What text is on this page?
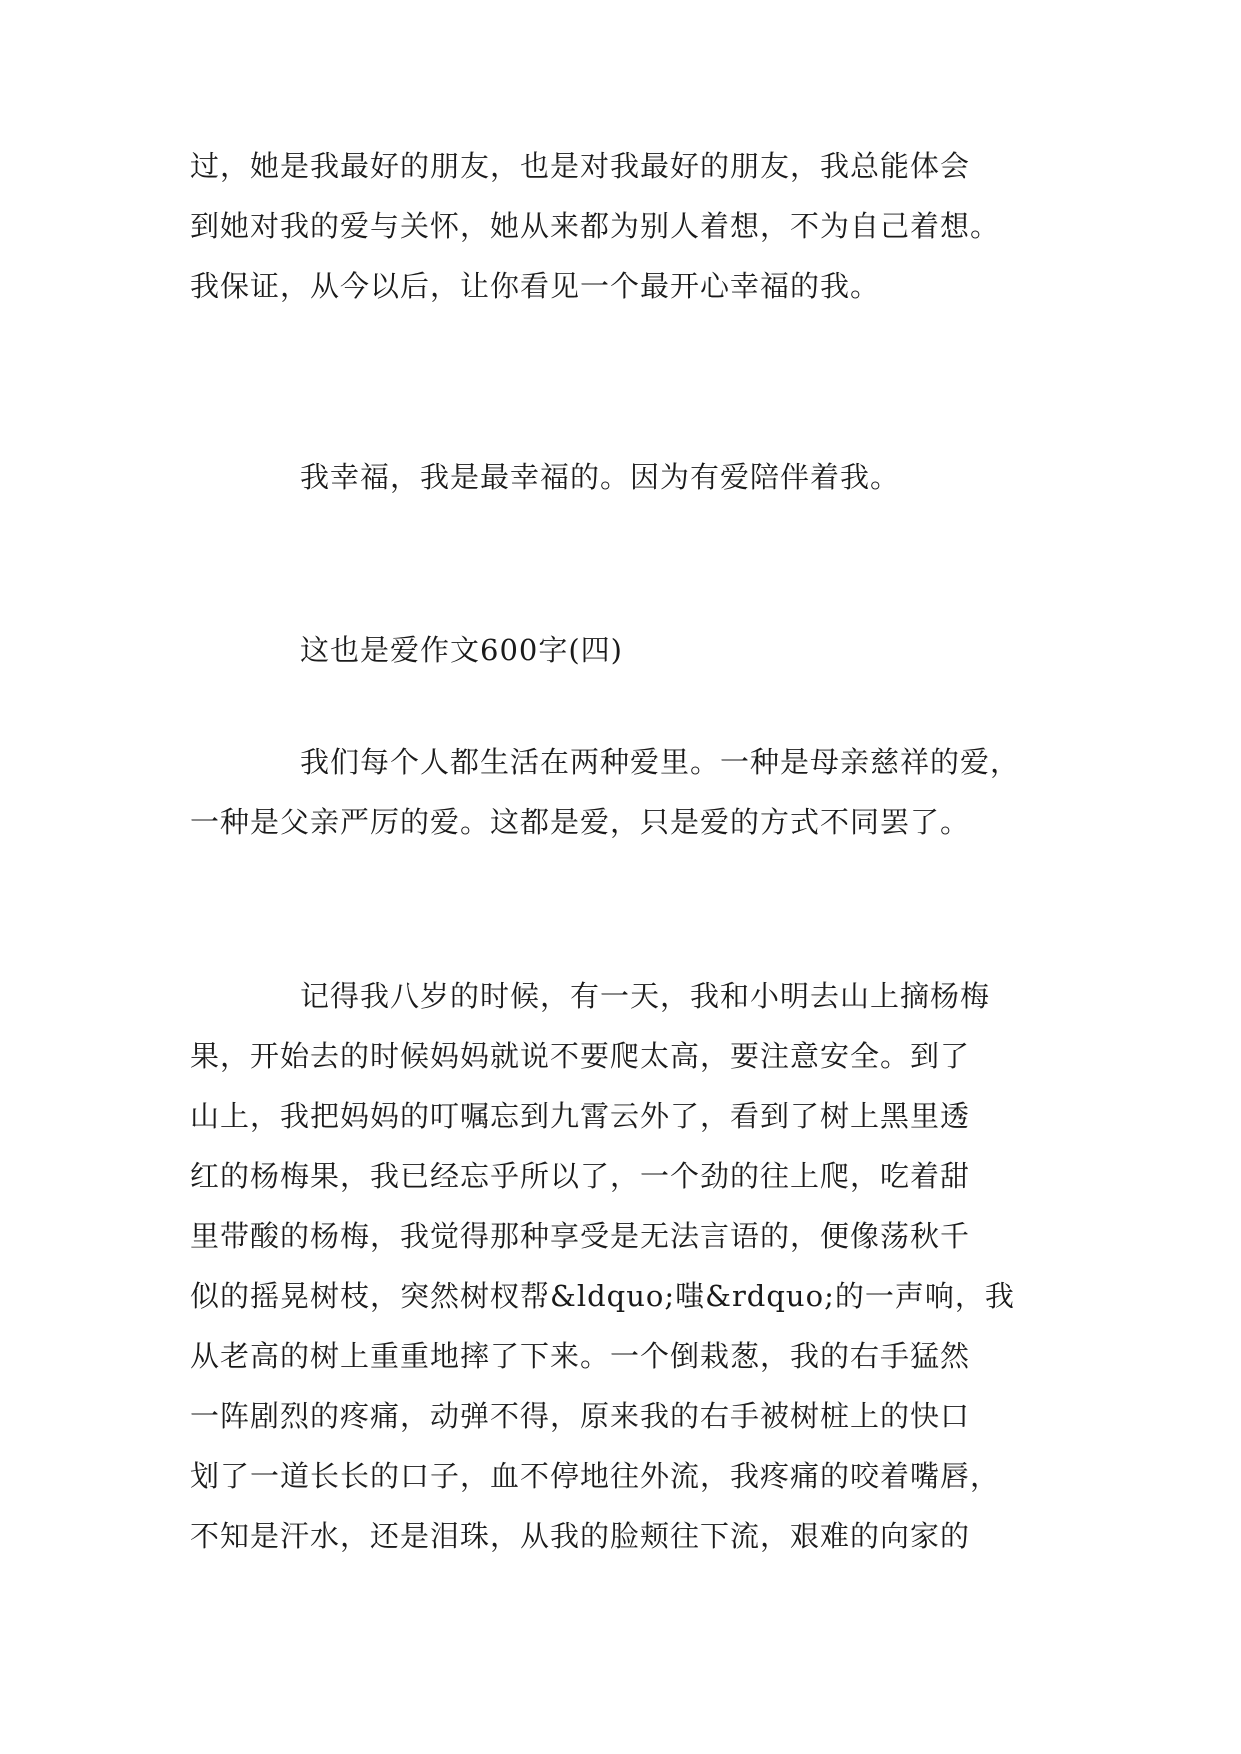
过，她是我最好的朋友，也是对我最好的朋友，我总能体会
到她对我的爱与关怀，她从来都为别人着想，不为自己着想。
我保证，从今以后，让你看见一个最开心幸福的我。

我幸福，我是最幸福的。因为有爱陪伴着我。

这也是爱作文600字(四)

我们每个人都生活在两种爱里。一种是母亲慈祥的爱，
一种是父亲严厉的爱。这都是爱，只是爱的方式不同罢了。

记得我八岁的时候，有一天，我和小明去山上摘杨梅
果，开始去的时候妈妈就说不要爬太高，要注意安全。到了
山上，我把妈妈的叮嘱忘到九霄云外了，看到了树上黑里透
红的杨梅果，我已经忘乎所以了，一个劲的往上爬，吃着甜
里带酸的杨梅，我觉得那种享受是无法言语的，便像荡秋千
似的摇晃树枝，突然树杈帮&ldquo;嗤&rdquo;的一声响，我
从老高的树上重重地摔了下来。一个倒栽葱，我的右手猛然
一阵剧烈的疼痛，动弹不得，原来我的右手被树桩上的快口
划了一道长长的口子，血不停地往外流，我疼痛的咬着嘴唇，
不知是汗水，还是泪珠，从我的脸颊往下流，艰难的向家的
